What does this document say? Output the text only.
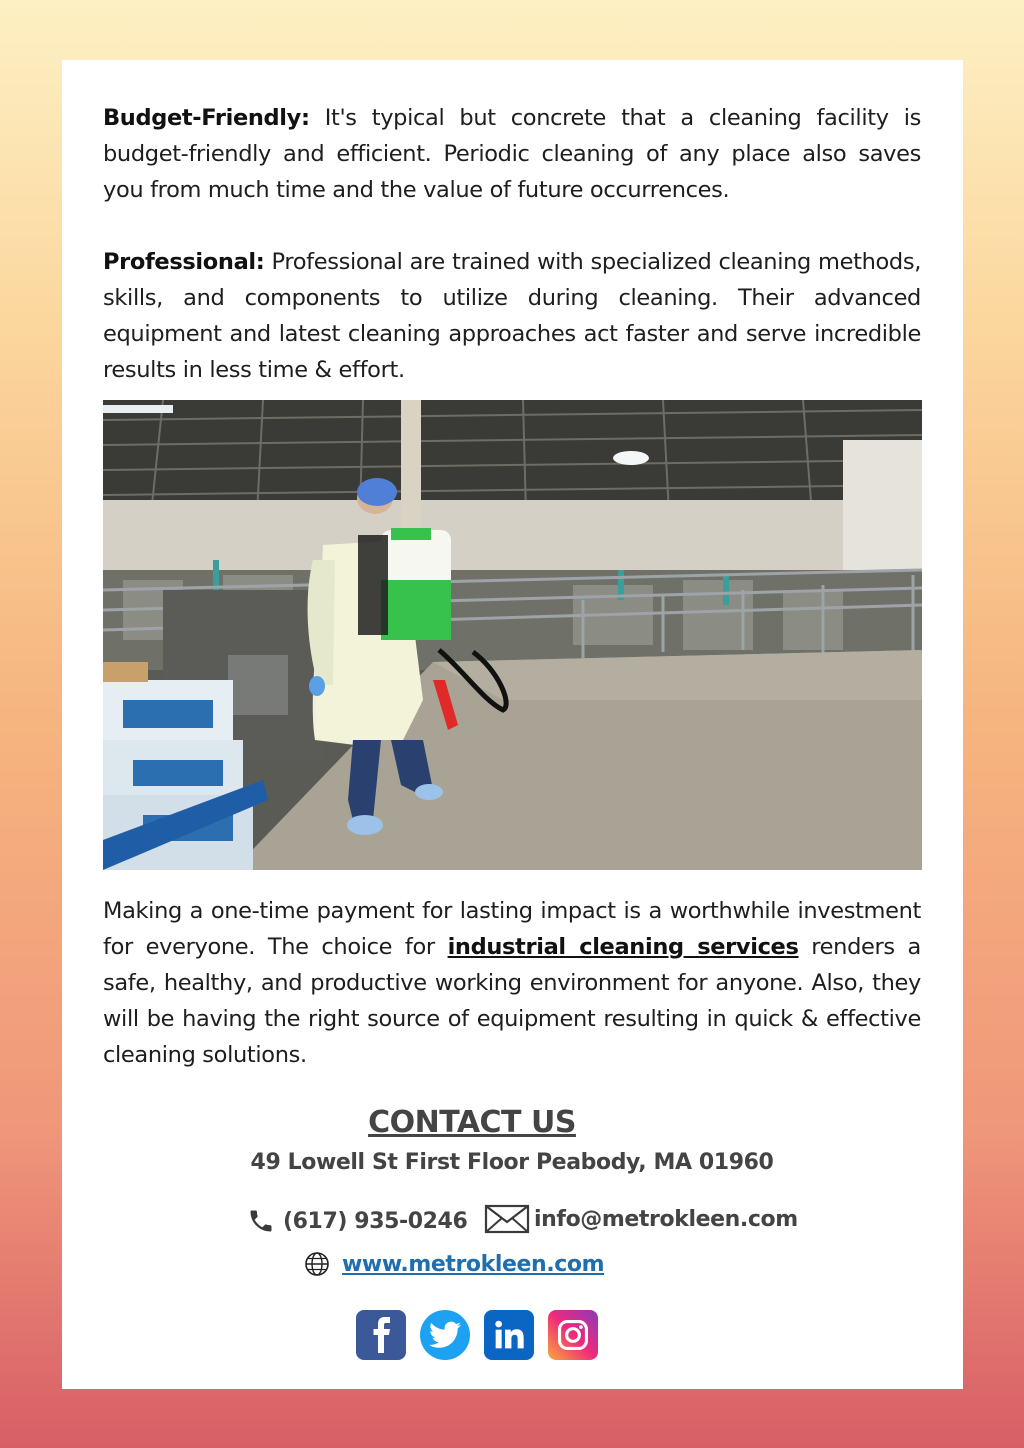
Budget-Friendly: It's typical but concrete that a cleaning facility is budget-friendly and efficient. Periodic cleaning of any place also saves you from much time and the value of future occurrences.

Professional: Professional are trained with specialized cleaning methods, skills, and components to utilize during cleaning. Their advanced equipment and latest cleaning approaches act faster and serve incredible results in less time & effort.

Making a one-time payment for lasting impact is a worthwhile investment for everyone. The choice for industrial cleaning services renders a safe, healthy, and productive working environment for anyone. Also, they will be having the right source of equipment resulting in quick & effective cleaning solutions.

CONTACT US
49 Lowell St First Floor Peabody, MA 01960
(617) 935-0246	info@metrokleen.com
www.metrokleen.com
